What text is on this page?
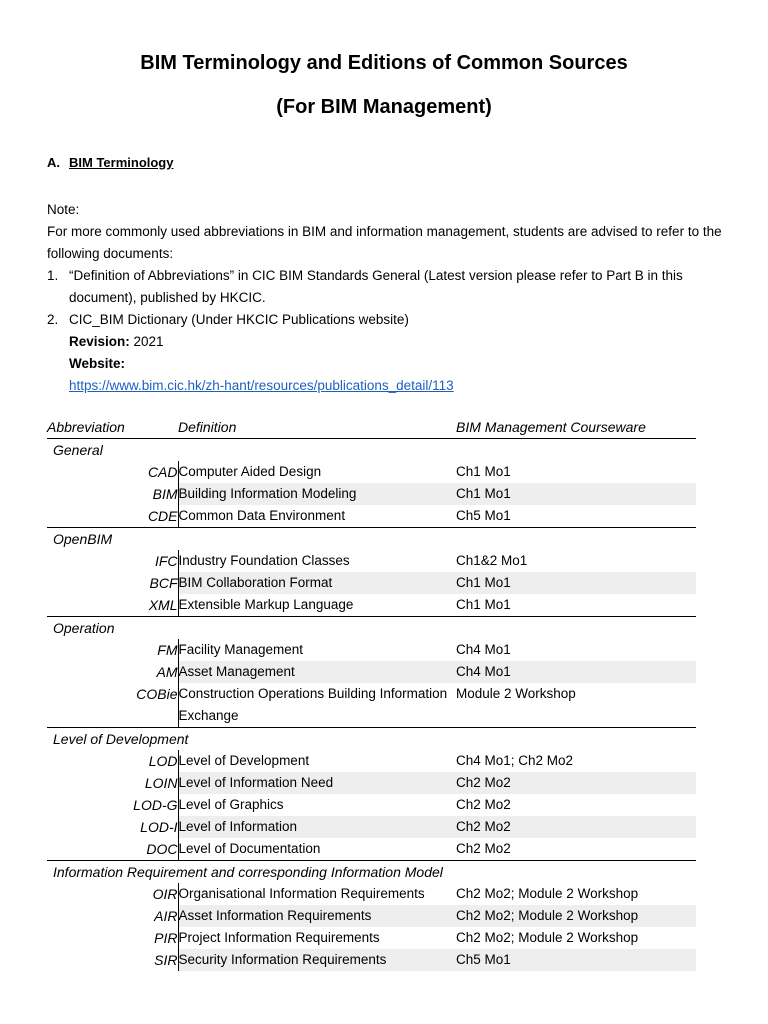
BIM Terminology and Editions of Common Sources
(For BIM Management)
A. BIM Terminology

Note:

For more commonly used abbreviations in BIM and information management, students are advised to refer to the following documents:

1. “Definition of Abbreviations” in CIC BIM Standards General (Latest version please refer to Part B in this document), published by HKCIC.
2. CIC_BIM Dictionary (Under HKCIC Publications website)
Revision: 2021
Website:
https://www.bim.cic.hk/zh-hant/resources/publications_detail/113
Abbreviation	Definition	BIM Management Courseware
General		
CAD	Computer Aided Design	Ch1 Mo1
BIM	Building Information Modeling	Ch1 Mo1
CDE	Common Data Environment	Ch5 Mo1
OpenBIM		
IFC	Industry Foundation Classes	Ch1&2 Mo1
BCF	BIM Collaboration Format	Ch1 Mo1
XML	Extensible Markup Language	Ch1 Mo1
Operation		
FM	Facility Management	Ch4 Mo1
AM	Asset Management	Ch4 Mo1
COBie	Construction Operations Building Information Exchange	Module 2 Workshop
Level of Development		
LOD	Level of Development	Ch4 Mo1; Ch2 Mo2
LOIN	Level of Information Need	Ch2 Mo2
LOD-G	Level of Graphics	Ch2 Mo2
LOD-I	Level of Information	Ch2 Mo2
DOC	Level of Documentation	Ch2 Mo2
Information Requirement and corresponding Information Model		
OIR	Organisational Information Requirements	Ch2 Mo2; Module 2 Workshop
AIR	Asset Information Requirements	Ch2 Mo2; Module 2 Workshop
PIR	Project Information Requirements	Ch2 Mo2; Module 2 Workshop
SIR	Security Information Requirements	Ch5 Mo1
